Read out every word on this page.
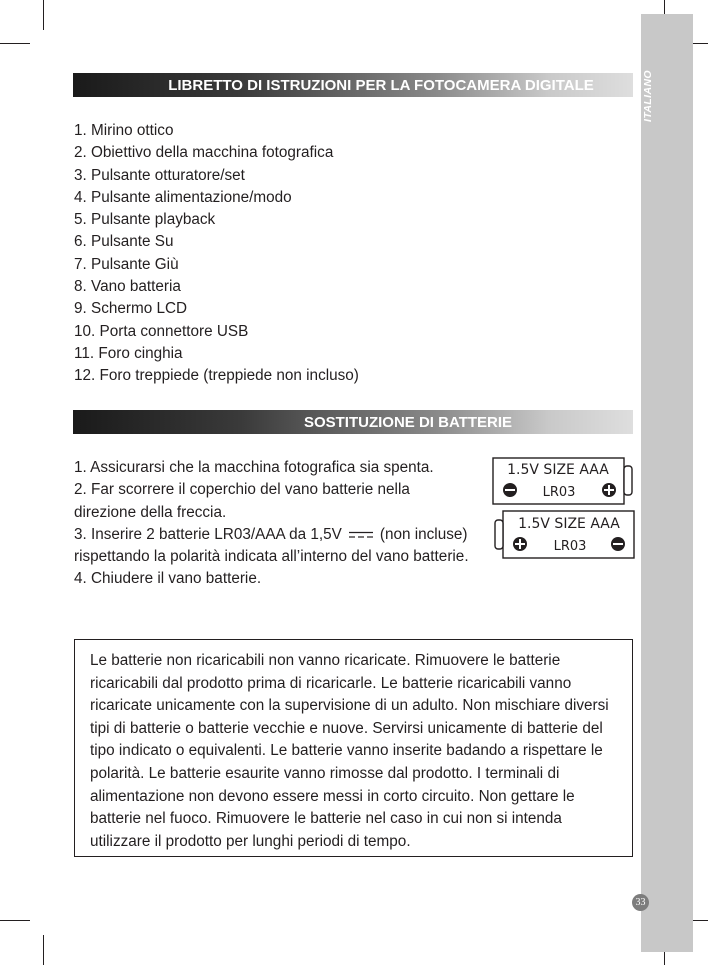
ITALIANO
33
LIBRETTO DI ISTRUZIONI PER LA FOTOCAMERA DIGITALE
1. Mirino ottico
2. Obiettivo della macchina fotografica
3. Pulsante otturatore/set
4. Pulsante alimentazione/modo
5. Pulsante playback
6. Pulsante Su
7. Pulsante Giù
8. Vano batteria
9. Schermo LCD
10. Porta connettore USB
11. Foro cinghia
12. Foro treppiede (treppiede non incluso)
SOSTITUZIONE DI BATTERIE

1. Assicurarsi che la macchina fotografica sia spenta.

2. Far scorrere il coperchio del vano batterie nella direzione della freccia.

3. Inserire 2 batterie LR03/AAA da 1,5V (non incluse) rispettando la polarità indicata all’interno del vano batterie.

4. Chiudere il vano batterie.

1.5V SIZE AAA
LR03
1.5V SIZE AAA
LR03

Le batterie non ricaricabili non vanno ricaricate. Rimuovere le batterie ricaricabili dal prodotto prima di ricaricarle. Le batterie ricaricabili vanno ricaricate unicamente con la supervisione di un adulto. Non mischiare diversi tipi di batterie o batterie vecchie e nuove. Servirsi unicamente di batterie del tipo indicato o equivalenti. Le batterie vanno inserite badando a rispettare le polarità. Le batterie esaurite vanno rimosse dal prodotto. I terminali di alimentazione non devono essere messi in corto circuito. Non gettare le batterie nel fuoco. Rimuovere le batterie nel caso in cui non si intenda utilizzare il prodotto per lunghi periodi di tempo.
